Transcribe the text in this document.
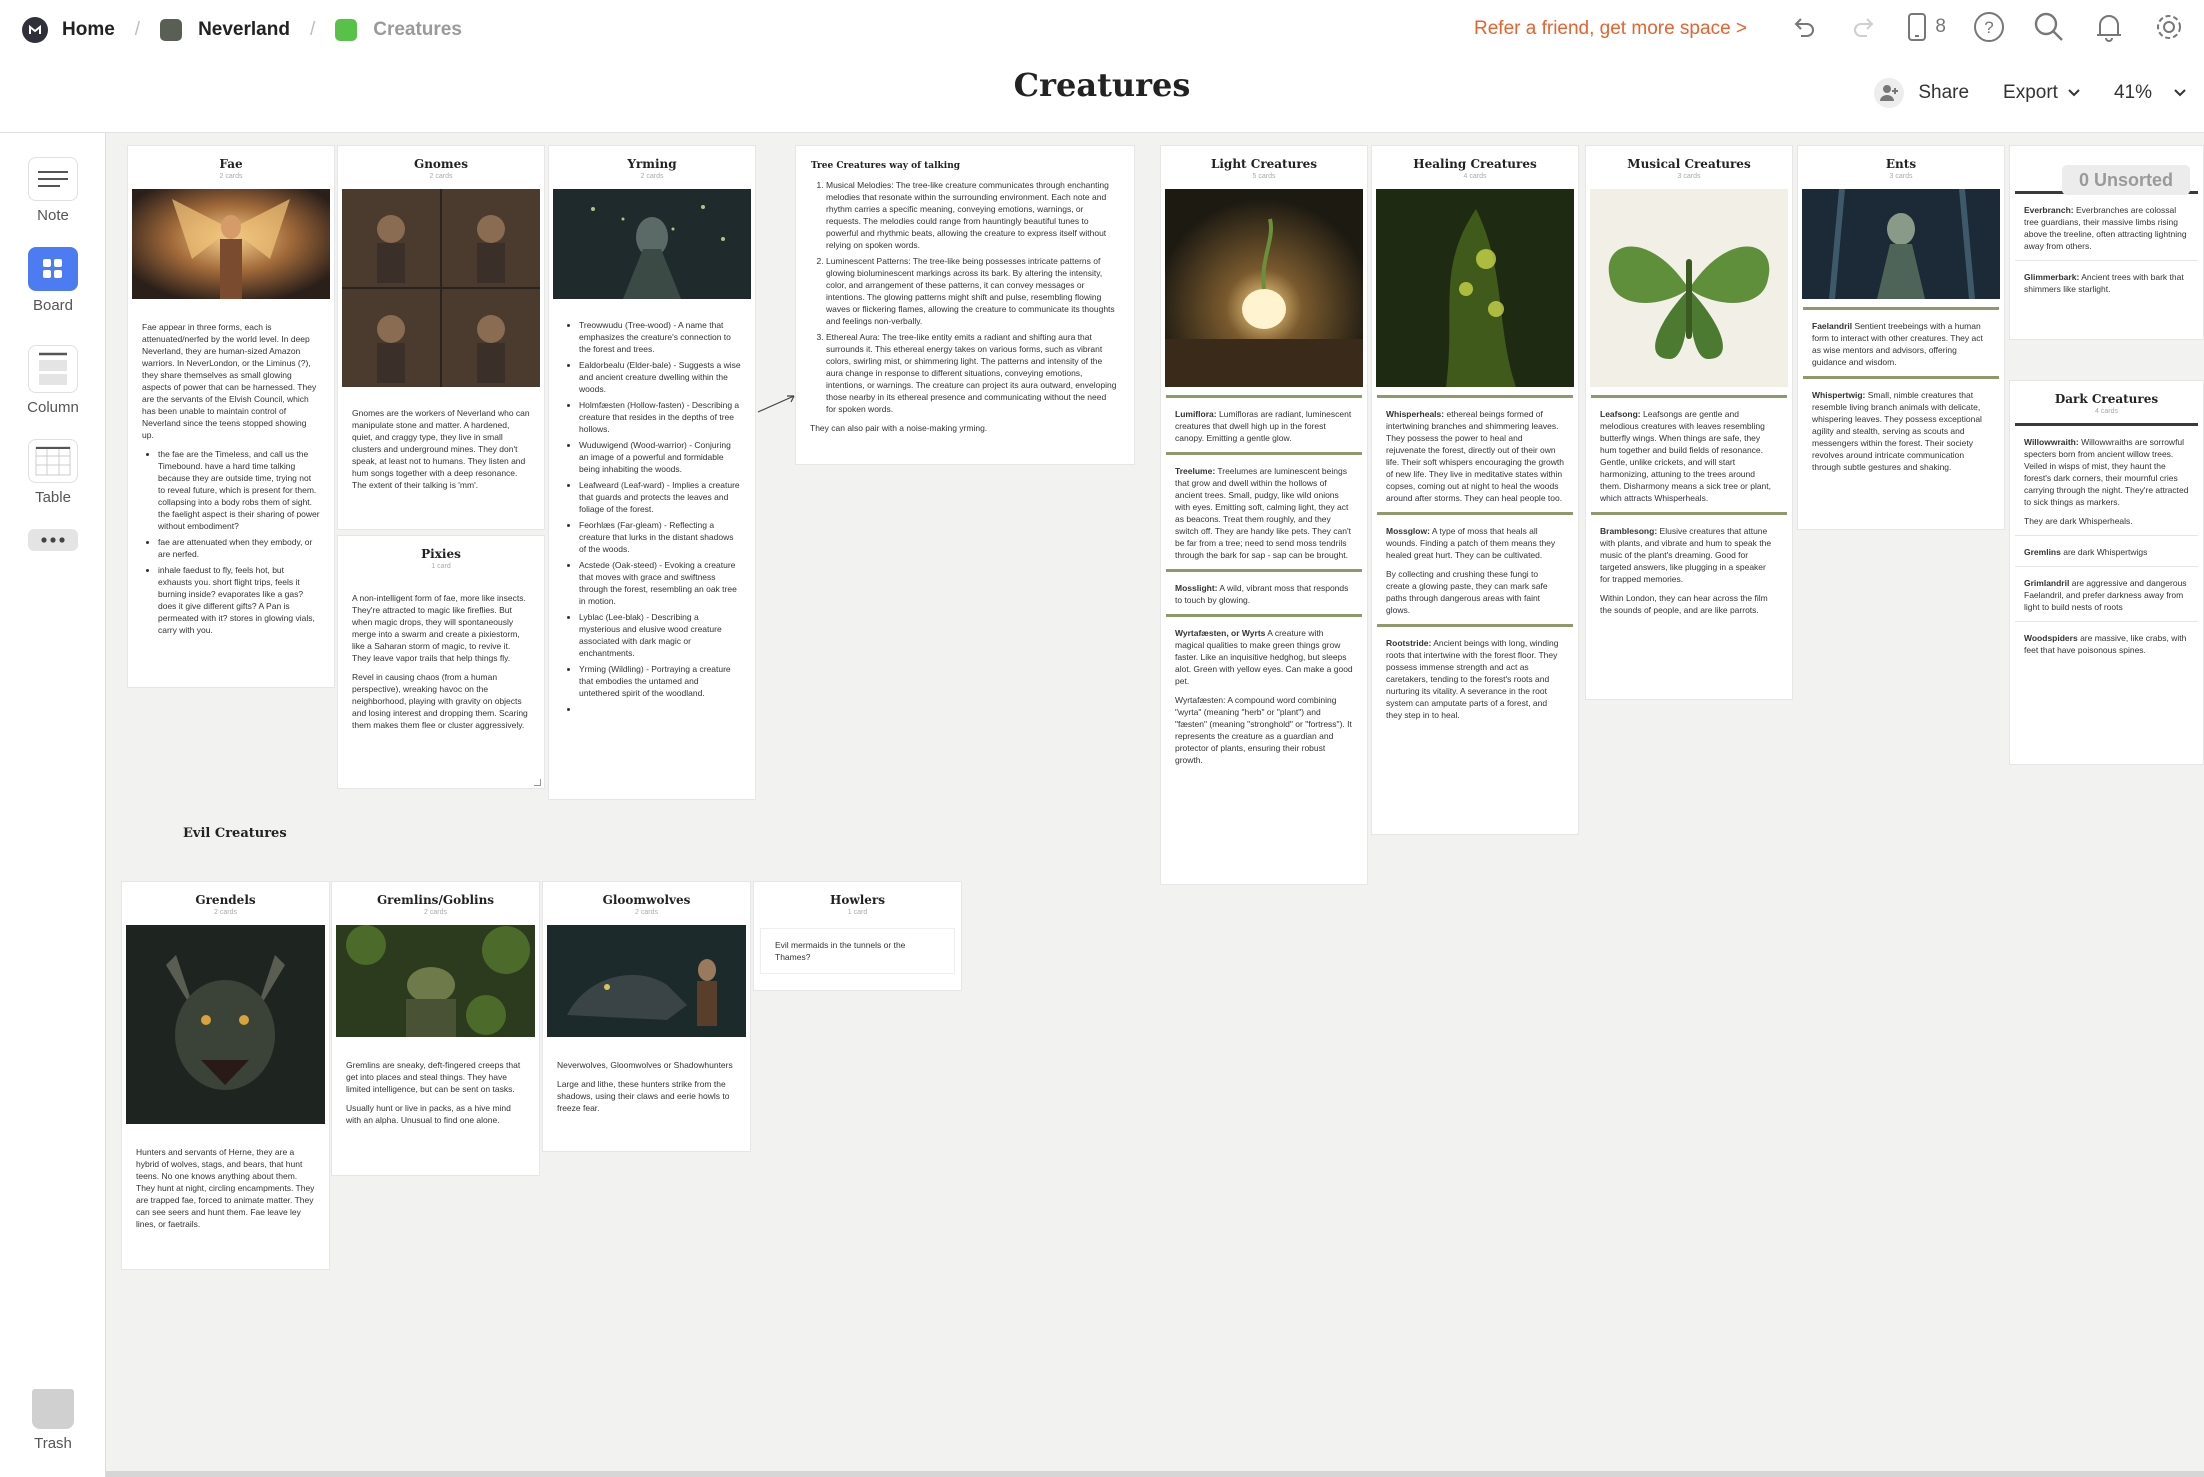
Home /	Neverland /	Creatures	Refer a friend, get more space >	8 ?
Creatures	Share Export	41%
Note
Board
Column
Table
Trash
Fae
2 cards

Fae appear in three forms, each is attenuated/nerfed by the world level. In deep Neverland, they are human-sized Amazon warriors. In NeverLondon, or the Liminus (?), they share themselves as small glowing aspects of power that can be harnessed. They are the servants of the Elvish Council, which has been unable to maintain control of Neverland since the teens stopped showing up.

• the fae are the Timeless, and call us the Timebound. have a hard time talking because they are outside time, trying not to reveal future, which is present for them. collapsing into a body robs them of sight. the faelight aspect is their sharing of power without embodiment?
• fae are attenuated when they embody, or are nerfed.
• inhale faedust to fly, feels hot, but exhausts you. short flight trips, feels it burning inside? evaporates like a gas? does it give different gifts? A Pan is permeated with it? stores in glowing vials, carry with you.
Gnomes
2 cards

Gnomes are the workers of Neverland who can manipulate stone and matter. A hardened, quiet, and craggy type, they live in small clusters and underground mines. They don't speak, at least not to humans. They listen and hum songs together with a deep resonance. The extent of their talking is 'mm'.

Pixies
1 card

A non-intelligent form of fae, more like insects. They're attracted to magic like fireflies. But when magic drops, they will spontaneously merge into a swarm and create a pixiestorm, like a Saharan storm of magic, to revive it. They leave vapor trails that help things fly.

Revel in causing chaos (from a human perspective), wreaking havoc on the neighborhood, playing with gravity on objects and losing interest and dropping them. Scaring them makes them flee or cluster aggressively.

Yrming
2 cards
• Treowwudu (Tree-wood) - A name that emphasizes the creature's connection to the forest and trees.
• Ealdorbealu (Elder-bale) - Suggests a wise and ancient creature dwelling within the woods.
• Holmfæsten (Hollow-fasten) - Describing a creature that resides in the depths of tree hollows.
• Wuduwigend (Wood-warrior) - Conjuring an image of a powerful and formidable being inhabiting the woods.
• Leafweard (Leaf-ward) - Implies a creature that guards and protects the leaves and foliage of the forest.
• Feorhlæs (Far-gleam) - Reflecting a creature that lurks in the distant shadows of the woods.
• Acstede (Oak-steed) - Evoking a creature that moves with grace and swiftness through the forest, resembling an oak tree in motion.
• Lyblac (Lee-blak) - Describing a mysterious and elusive wood creature associated with dark magic or enchantments.
• Yrming (Wildling) - Portraying a creature that embodies the untamed and untethered spirit of the woodland.
•
Tree Creatures way of talking
1. Musical Melodies: The tree-like creature communicates through enchanting melodies that resonate within the surrounding environment. Each note and rhythm carries a specific meaning, conveying emotions, warnings, or requests. The melodies could range from hauntingly beautiful tunes to powerful and rhythmic beats, allowing the creature to express itself without relying on spoken words.
2. Luminescent Patterns: The tree-like being possesses intricate patterns of glowing bioluminescent markings across its bark. By altering the intensity, color, and arrangement of these patterns, it can convey messages or intentions. The glowing patterns might shift and pulse, resembling flowing waves or flickering flames, allowing the creature to communicate its thoughts and feelings non-verbally.
3. Ethereal Aura: The tree-like entity emits a radiant and shifting aura that surrounds it. This ethereal energy takes on various forms, such as vibrant colors, swirling mist, or shimmering light. The patterns and intensity of the aura change in response to different situations, conveying emotions, intentions, or warnings. The creature can project its aura outward, enveloping those nearby in its ethereal presence and communicating without the need for spoken words.

They can also pair with a noise-making yrming.

Light Creatures
5 cards

Lumiflora: Lumifloras are radiant, luminescent creatures that dwell high up in the forest canopy. Emitting a gentle glow.

Treelume: Treelumes are luminescent beings that grow and dwell within the hollows of ancient trees. Small, pudgy, like wild onions with eyes. Emitting soft, calming light, they act as beacons. Treat them roughly, and they switch off. They are handy like pets. They can't be far from a tree; need to send moss tendrils through the bark for sap - sap can be brought.

Mosslight: A wild, vibrant moss that responds to touch by glowing.

Wyrtafæsten, or Wyrts A creature with magical qualities to make green things grow faster. Like an inquisitive hedghog, but sleeps alot. Green with yellow eyes. Can make a good pet.

Wyrtafæsten: A compound word combining "wyrta" (meaning "herb" or "plant") and "fæsten" (meaning "stronghold" or "fortress"). It represents the creature as a guardian and protector of plants, ensuring their robust growth.

Healing Creatures
4 cards

Whisperheals: ethereal beings formed of intertwining branches and shimmering leaves. They possess the power to heal and rejuvenate the forest, directly out of their own life. Their soft whispers encouraging the growth of new life. They live in meditative states within copses, coming out at night to heal the woods around after storms. They can heal people too.

Mossglow: A type of moss that heals all wounds. Finding a patch of them means they healed great hurt. They can be cultivated.

By collecting and crushing these fungi to create a glowing paste, they can mark safe paths through dangerous areas with faint glows.

Rootstride: Ancient beings with long, winding roots that intertwine with the forest floor. They possess immense strength and act as caretakers, tending to the forest's roots and nurturing its vitality. A severance in the root system can amputate parts of a forest, and they step in to heal.

Musical Creatures
3 cards

Leafsong: Leafsongs are gentle and melodious creatures with leaves resembling butterfly wings. When things are safe, they hum together and build fields of resonance. Gentle, unlike crickets, and will start harmonizing, attuning to the trees around them. Disharmony means a sick tree or plant, which attracts Whisperheals.

Bramblesong: Elusive creatures that attune with plants, and vibrate and hum to speak the music of the plant's dreaming. Good for targeted answers, like plugging in a speaker for trapped memories.

Within London, they can hear across the film the sounds of people, and are like parrots.

Ents
3 cards

Faelandril Sentient treebeings with a human form to interact with other creatures. They act as wise mentors and advisors, offering guidance and wisdom.

Whispertwig: Small, nimble creatures that resemble living branch animals with delicate, whispering leaves. They possess exceptional agility and stealth, serving as scouts and messengers within the forest. Their society revolves around intricate communication through subtle gestures and shaking.

Everbranch: Everbranches are colossal tree guardians, their massive limbs rising above the treeline, often attracting lightning away from others.

Glimmerbark: Ancient trees with bark that shimmers like starlight.

Dark Creatures
4 cards

Willowwraith: Willowwraiths are sorrowful specters born from ancient willow trees. Veiled in wisps of mist, they haunt the forest's dark corners, their mournful cries carrying through the night. They're attracted to sick things as markers.

They are dark Whisperheals.

Gremlins are dark Whispertwigs

Grimlandril are aggressive and dangerous Faelandril, and prefer darkness away from light to build nests of roots

Woodspiders are massive, like crabs, with feet that have poisonous spines.

0 Unsorted
Evil Creatures
Grendels
2 cards

Hunters and servants of Herne, they are a hybrid of wolves, stags, and bears, that hunt teens. No one knows anything about them. They hunt at night, circling encampments. They are trapped fae, forced to animate matter. They can see seers and hunt them. Fae leave ley lines, or faetrails.

Gremlins/Goblins
2 cards

Gremlins are sneaky, deft-fingered creeps that get into places and steal things. They have limited intelligence, but can be sent on tasks.

Usually hunt or live in packs, as a hive mind with an alpha. Unusual to find one alone.

Gloomwolves
2 cards

Neverwolves, Gloomwolves or Shadowhunters

Large and lithe, these hunters strike from the shadows, using their claws and eerie howls to freeze fear.

Howlers
1 card

Evil mermaids in the tunnels or the Thames?
